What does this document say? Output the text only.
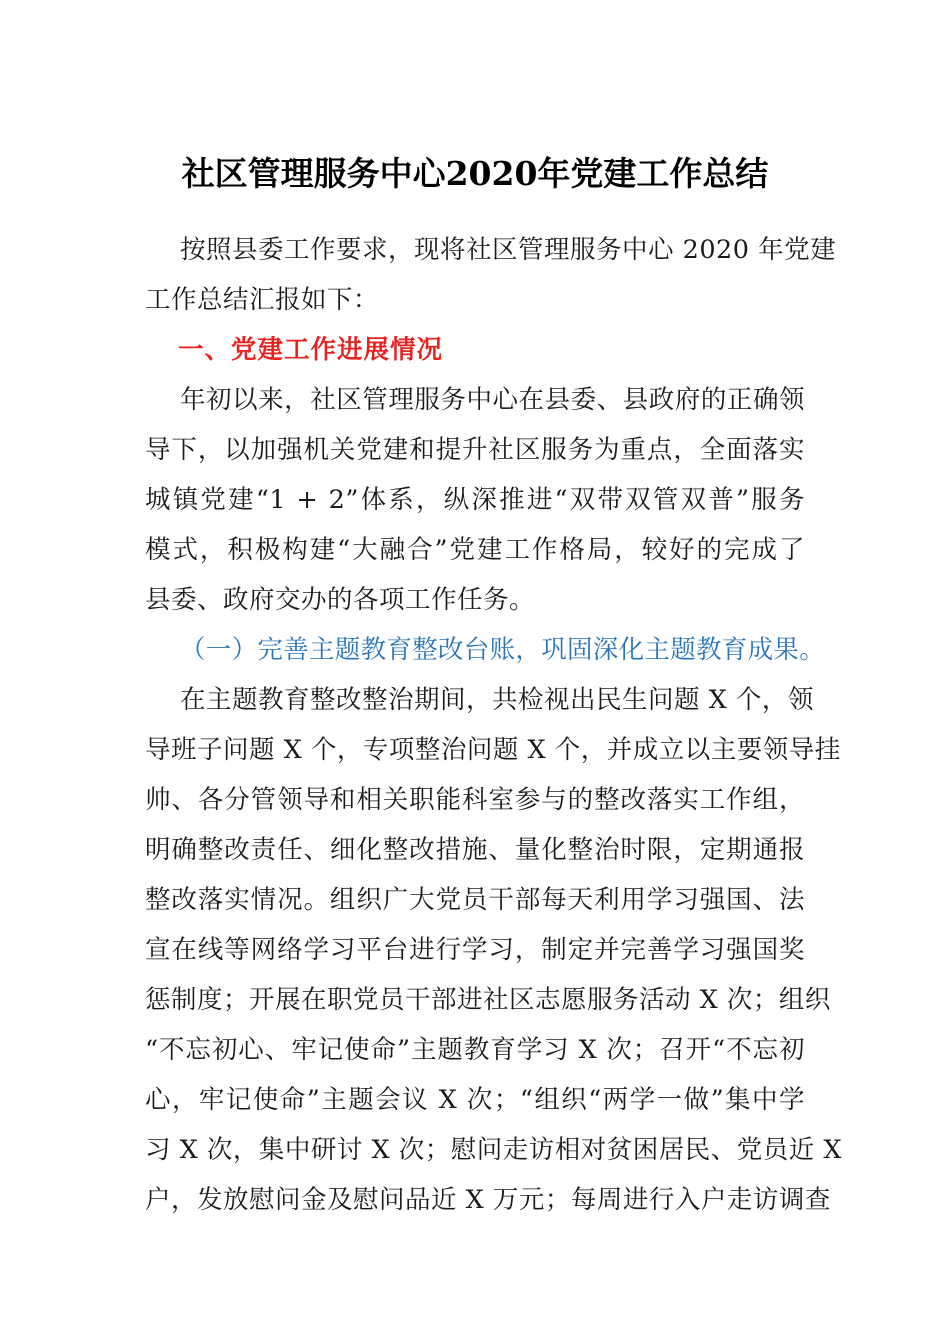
社区管理服务中心2020年党建工作总结
按照县委工作要求，现将社区管理服务中心 2020 年党建
工作总结汇报如下：
一、党建工作进展情况
年初以来，社区管理服务中心在县委、县政府的正确领
导下，以加强机关党建和提升社区服务为重点，全面落实
城镇党建“1 + 2”体系，纵深推进“双带双管双普”服务
模式，积极构建“大融合”党建工作格局，较好的完成了
县委、政府交办的各项工作任务。
（一）完善主题教育整改台账，巩固深化主题教育成果。
在主题教育整改整治期间，共检视出民生问题 X 个，领
导班子问题 X 个，专项整治问题 X 个，并成立以主要领导挂
帅、各分管领导和相关职能科室参与的整改落实工作组，
明确整改责任、细化整改措施、量化整治时限，定期通报
整改落实情况。组织广大党员干部每天利用学习强国、法
宣在线等网络学习平台进行学习，制定并完善学习强国奖
惩制度；开展在职党员干部进社区志愿服务活动 X 次；组织
“不忘初心、牢记使命”主题教育学习 X 次；召开“不忘初
心，牢记使命”主题会议 X 次；“组织“两学一做”集中学
习 X 次，集中研讨 X 次；慰问走访相对贫困居民、党员近 X
户，发放慰问金及慰问品近 X 万元；每周进行入户走访调查
